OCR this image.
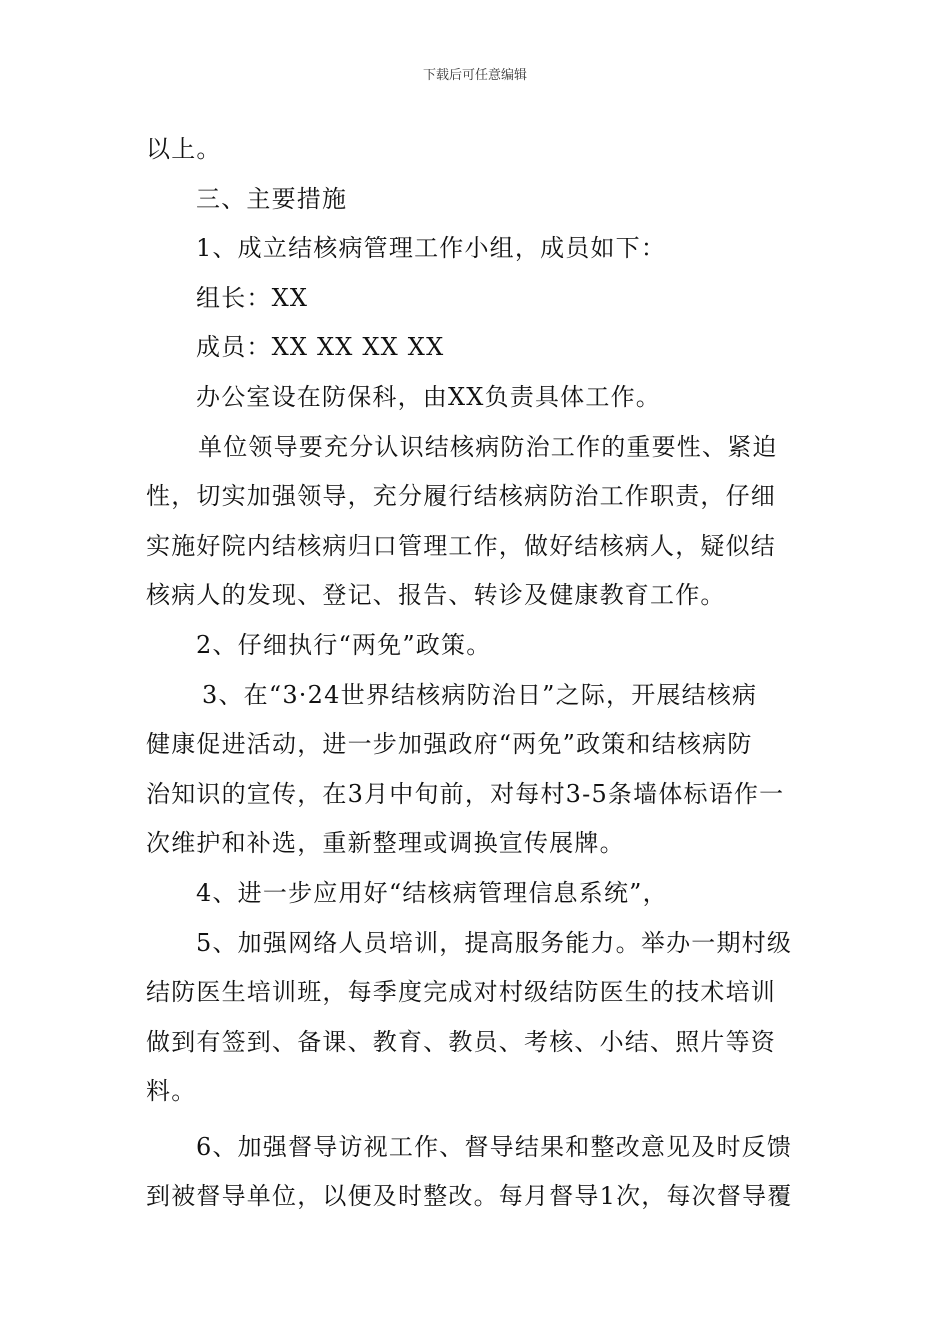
下载后可任意编辑

以上。

三、主要措施

1、成立结核病管理工作小组，成员如下：

组长：XX

成员：XX XX XX XX

办公室设在防保科，由XX负责具体工作。

单位领导要充分认识结核病防治工作的重要性、紧迫

性，切实加强领导，充分履行结核病防治工作职责，仔细

实施好院内结核病归口管理工作，做好结核病人，疑似结

核病人的发现、登记、报告、转诊及健康教育工作。

2、仔细执行“两免”政策。

3、在“3·24世界结核病防治日”之际，开展结核病

健康促进活动，进一步加强政府“两免”政策和结核病防

治知识的宣传，在3月中旬前，对每村3-5条墙体标语作一

次维护和补选，重新整理或调换宣传展牌。

4、进一步应用好“结核病管理信息系统”，

5、加强网络人员培训，提高服务能力。举办一期村级

结防医生培训班，每季度完成对村级结防医生的技术培训

做到有签到、备课、教育、教员、考核、小结、照片等资

料。

6、加强督导访视工作、督导结果和整改意见及时反馈

到被督导单位，以便及时整改。每月督导1次，每次督导覆
